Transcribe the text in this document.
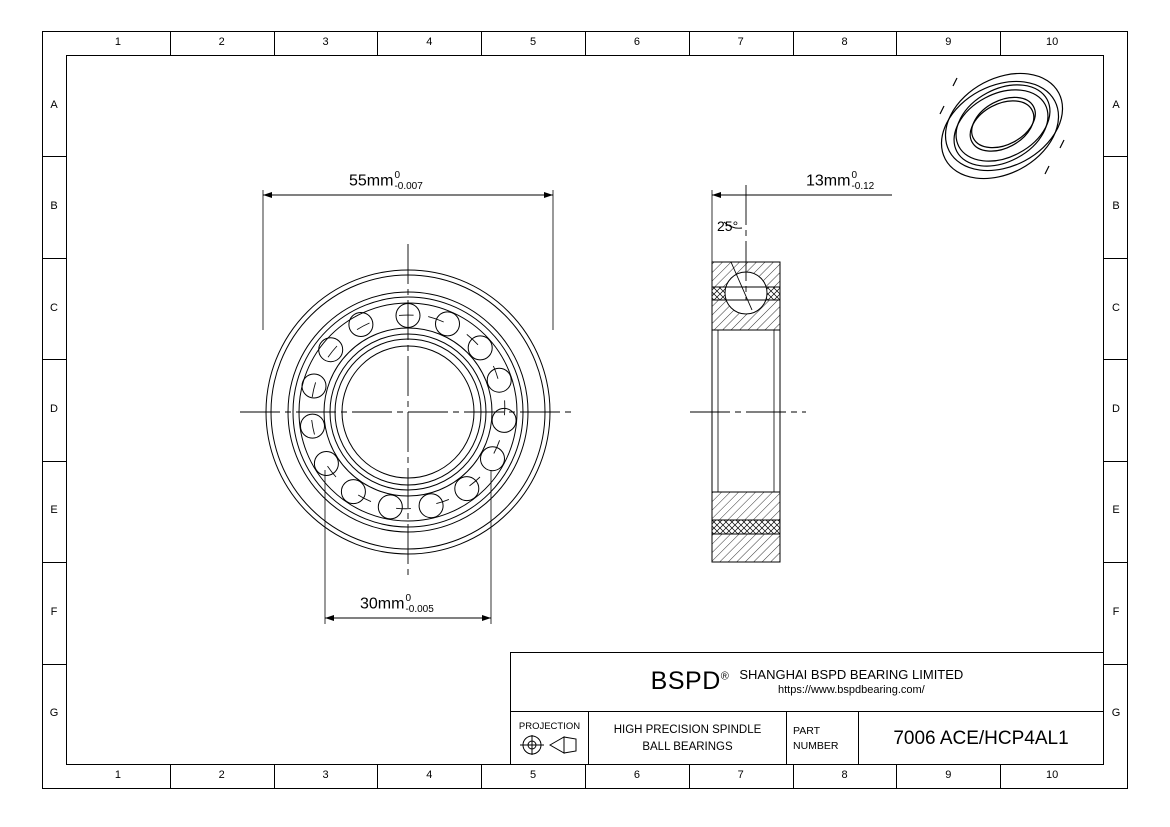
1
1
2
2
3
3
4
4
5
5
6
6
7
7
8
8
9
9
10
10
A	A
B	B
C	C
D	D
E	E
F	F
G	G
55mm 0
-0.007
30mm 0
-0.005
13mm 0
-0.12
25°
BSPD® SHANGHAI BSPD BEARING LIMITED
https://www.bspdbearing.com/
PROJECTION	HIGH PRECISION SPINDLE
BALL BEARINGS
PART
NUMBER	7006 ACE/HCP4AL1
